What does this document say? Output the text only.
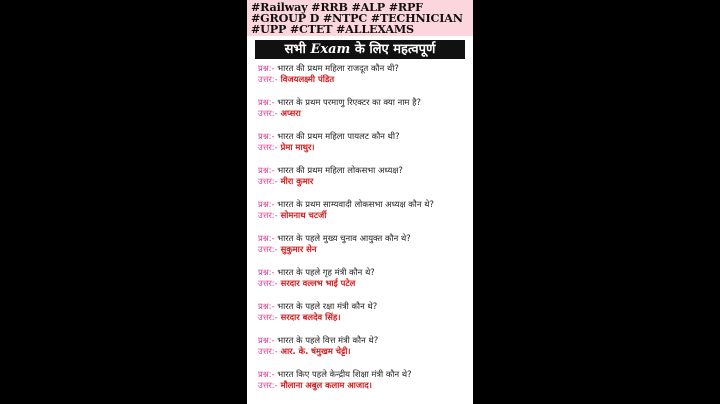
#Railway #RRB #ALP #RPF
#GROUP D #NTPC #TECHNICIAN
#UPP #CTET #ALLEXAMS
सभी Exam के लिए महत्वपूर्ण
प्रश्न:- भारत की प्रथम महिला राजदूत कौन थी?
उत्तर:- विजयलक्ष्मी पंडित
प्रश्न:- भारत के प्रथम परमाणु रिएक्टर का क्या नाम है?
उत्तर:- अप्सरा
प्रश्न:- भारत की प्रथम महिला पायलट कौन थी?
उत्तर:- प्रेमा माथुर।
प्रश्न:- भारत की प्रथम महिला लोकसभा अध्यक्ष?
उत्तर:- मीरा कुमार
प्रश्न:- भारत के प्रथम साम्यवादी लोकसभा अध्यक्ष कौन थे?
उत्तर:- सोमनाथ चटर्जी
प्रश्न:- भारत के पहले मुख्य चुनाव आयुक्त कौन थे?
उत्तर:- सुकुमार सेन
प्रश्न:- भारत के पहले गृह मंत्री कौन थे?
उत्तर:- सरदार वल्लभ भाई पटेल
प्रश्न:- भारत के पहले रक्षा मंत्री कौन थे?
उत्तर:- सरदार बलदेव सिंह।
प्रश्न:- भारत के पहले वित्त मंत्री कौन थे?
उत्तर:- आर. के. षंमुखम चेट्टी।
प्रश्न:- भारत किए पहले केन्द्रीय शिक्षा मंत्री कौन थे?
उत्तर:- मौलाना अबुल कलाम आजाद।
